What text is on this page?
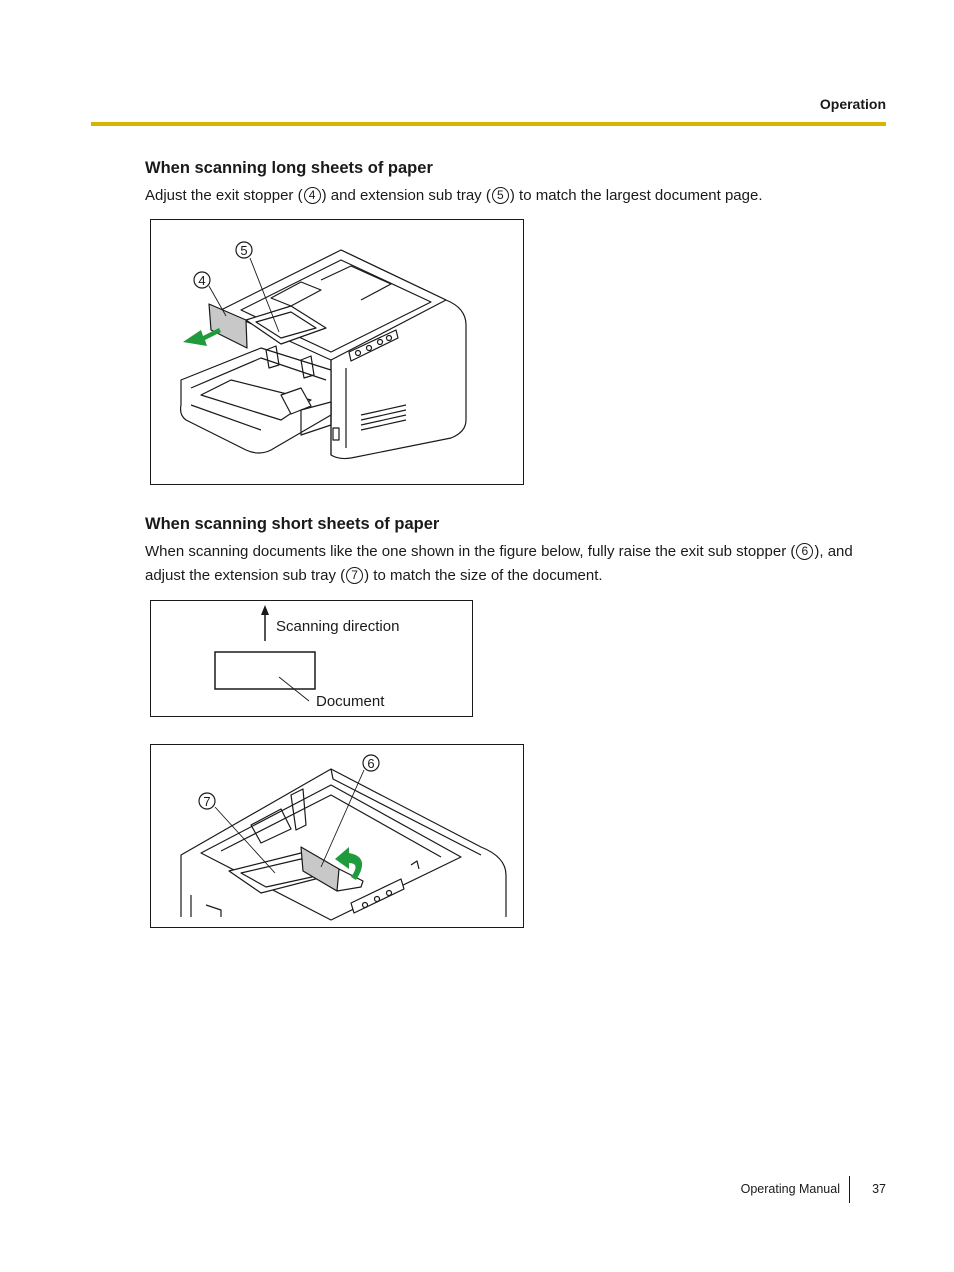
Operation
When scanning long sheets of paper

Adjust the exit stopper ( 4 ) and extension sub tray ( 5 ) to match the largest document page.

5
4
When scanning short sheets of paper

When scanning documents like the one shown in the figure below, fully raise the exit sub stopper ( 6 ), and
adjust the extension sub tray ( 7 ) to match the size of the document.

Scanning direction
Document
6
7
Operating Manual	37
